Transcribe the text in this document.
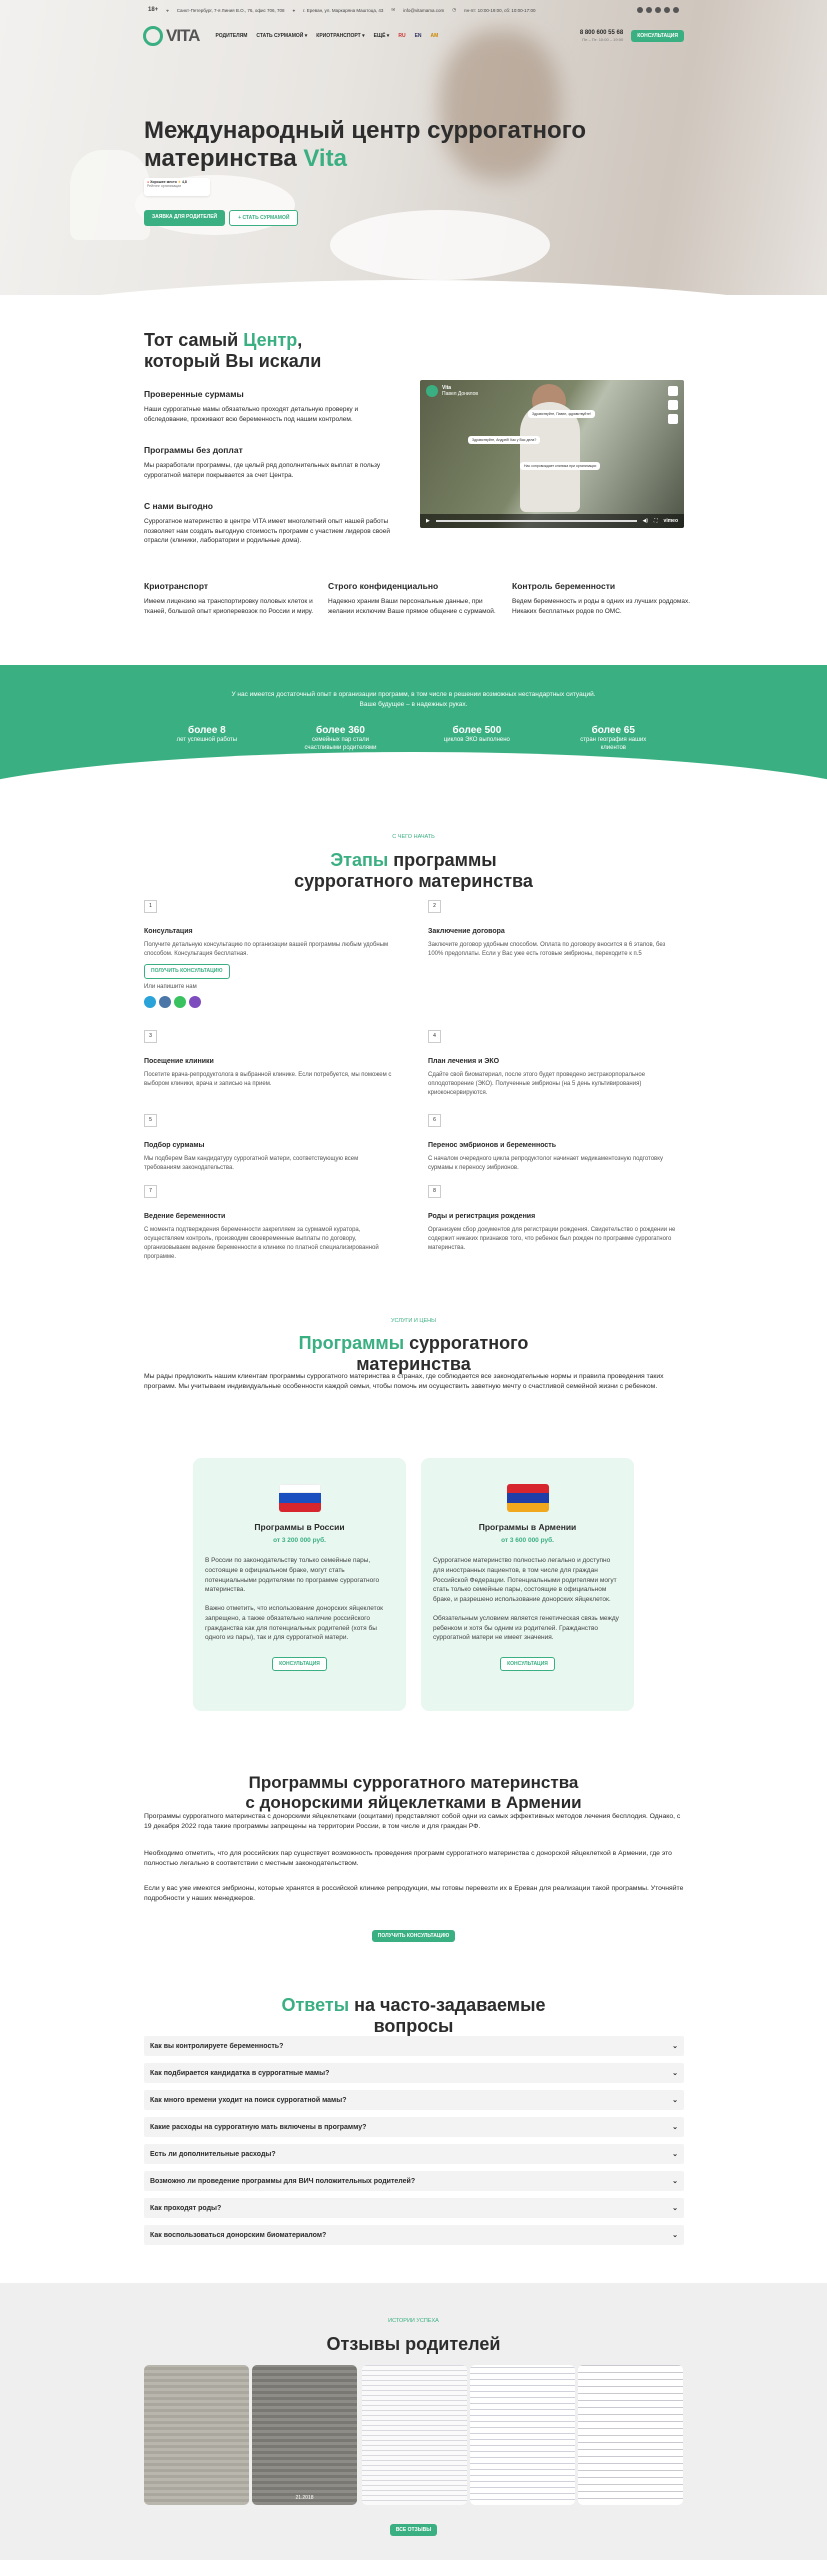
18+ ⌖ Санкт-Петербург, 7-я Линия В.О., 76, офис 706, 708 ⌖ г. Ереван, ул. Маркаряна Маштоца, 43 ✉ info@vitamama.com ◷ пн-пт: 10:00-19:00, сб: 10:00-17:00
VITA	РОДИТЕЛЯМ СТАТЬ СУРМАМОЙ ▾ КРИОТРАНСПОРТ ▾ ЕЩЁ ▾ RU EN AM
8 800 600 55 68
Пн – Пт: 10:00 – 19:00
КОНСУЛЬТАЦИЯ
Международный центр суррогатного материнства Vita
● Хорошее место ★ 4,8
Рейтинг организации
ЗАЯВКА ДЛЯ РОДИТЕЛЕЙ	+ СТАТЬ СУРМАМОЙ
Тот самый Центр,
который Вы искали
Проверенные сурмамы

Наши суррогатные мамы обязательно проходят детальную проверку и обследование, проживают всю беременность под нашим контролем.

Программы без доплат

Мы разработали программы, где целый ряд дополнительных выплат в пользу суррогатной матери покрывается за счет Центра.

С нами выгодно

Суррогатное материнство в центре VITA имеет многолетний опыт нашей работы позволяет нам создать выгодную стоимость программ с участием лидеров своей отрасли (клиники, лаборатории и родильные дома).

Vita
Павел Донилов
Здравствуйте, Павел, здравствуйте!
Здравствуйте, Андрей! Как у Вас дела?
Нас сопровождает клиника при организации
▶	◀) ⛶ vimeo
Криотранспорт

Имеем лицензию на транспортировку половых клеток и тканей, большой опыт криоперевозок по России и миру.

Строго конфиденциально

Надежно храним Ваши персональные данные, при желании исключим Ваше прямое общение с сурмамой.

Контроль беременности

Ведем беременность и роды в одних из лучших роддомах. Никаких бесплатных родов по ОМС.

У нас имеется достаточный опыт в организации программ, в том числе в решении возможных нестандартных ситуаций.
Ваше будущее – в надежных руках.
более 8
лет успешной работы
более 360
семейных пар стали счастливыми родителями
более 500
циклов ЭКО выполнено
более 65
стран география наших клиентов
С ЧЕГО НАЧАТЬ
Этапы программы
суррогатного материнства
1
Консультация

Получите детальную консультацию по организации вашей программы любым удобным способом. Консультация бесплатная.

ПОЛУЧИТЬ КОНСУЛЬТАЦИЮ

Или напишите нам

2
Заключение договора

Заключите договор удобным способом. Оплата по договору вносится в 6 этапов, без 100% предоплаты. Если у Вас уже есть готовые эмбрионы, переходите к п.5

3
Посещение клиники

Посетите врача-репродуктолога в выбранной клинике. Если потребуется, мы поможем с выбором клиники, врача и записью на прием.

4
План лечения и ЭКО

Сдайте свой биоматериал, после этого будет проведено экстракорпоральное оплодотворение (ЭКО). Полученные эмбрионы (на 5 день культивирования) криоконсервируются.

5
Подбор сурмамы

Мы подберем Вам кандидатуру суррогатной матери, соответствующую всем требованиям законодательства.

6
Перенос эмбрионов и беременность

С началом очередного цикла репродуктолог начинает медикаментозную подготовку сурмамы к переносу эмбрионов.

7
Ведение беременности

С момента подтверждения беременности закрепляем за сурмамой куратора, осуществляем контроль, производим своевременные выплаты по договору, организовываем ведение беременности в клинике по платной специализированной программе.

8
Роды и регистрация рождения

Организуем сбор документов для регистрации рождения. Свидетельство о рождении не содержит никаких признаков того, что ребенок был рожден по программе суррогатного материнства.

УСЛУГИ И ЦЕНЫ
Программы суррогатного
материнства
Мы рады предложить нашим клиентам программы суррогатного материнства в странах, где соблюдается все законодательные нормы и правила проведения таких программ. Мы учитываем индивидуальные особенности каждой семьи, чтобы помочь им осуществить заветную мечту о счастливой семейной жизни с ребенком.
Программы в России
от 3 200 000 руб.

В России по законодательству только семейные пары, состоящие в официальном браке, могут стать потенциальными родителями по программе суррогатного материнства.

Важно отметить, что использование донорских яйцеклеток запрещено, а также обязательно наличие российского гражданства как для потенциальных родителей (хотя бы одного из пары), так и для суррогатной матери.

КОНСУЛЬТАЦИЯ
Программы в Армении
от 3 600 000 руб.

Суррогатное материнство полностью легально и доступно для иностранных пациентов, в том числе для граждан Российской Федерации. Потенциальными родителями могут стать только семейные пары, состоящие в официальном браке, и разрешено использование донорских яйцеклеток.

Обязательным условием является генетическая связь между ребенком и хотя бы одним из родителей. Гражданство суррогатной матери не имеет значения.

КОНСУЛЬТАЦИЯ
Программы суррогатного материнства
с донорскими яйцеклетками в Армении
Программы суррогатного материнства с донорскими яйцеклетками (ооцитами) представляют собой одни из самых эффективных методов лечения бесплодия. Однако, с 19 декабря 2022 года такие программы запрещены на территории России, в том числе и для граждан РФ.
Необходимо отметить, что для российских пар существует возможность проведения программ суррогатного материнства с донорской яйцеклеткой в Армении, где это полностью легально в соответствии с местным законодательством.
Если у вас уже имеются эмбрионы, которые хранятся в российской клинике репродукции, мы готовы перевезти их в Ереван для реализации такой программы. Уточняйте подробности у наших менеджеров.
ПОЛУЧИТЬ КОНСУЛЬТАЦИЮ
Ответы на часто-задаваемые
вопросы
Как вы контролируете беременность?	⌄
Как подбирается кандидатка в суррогатные мамы?	⌄
Как много времени уходит на поиск суррогатной мамы?	⌄
Какие расходы на суррогатную мать включены в программу?	⌄
Есть ли дополнительные расходы?	⌄
Возможно ли проведение программы для ВИЧ положительных родителей?	⌄
Как проходят роды?	⌄
Как воспользоваться донорским биоматериалом?	⌄
ИСТОРИИ УСПЕХА
Отзывы родителей
21.2018
ВСЕ ОТЗЫВЫ
